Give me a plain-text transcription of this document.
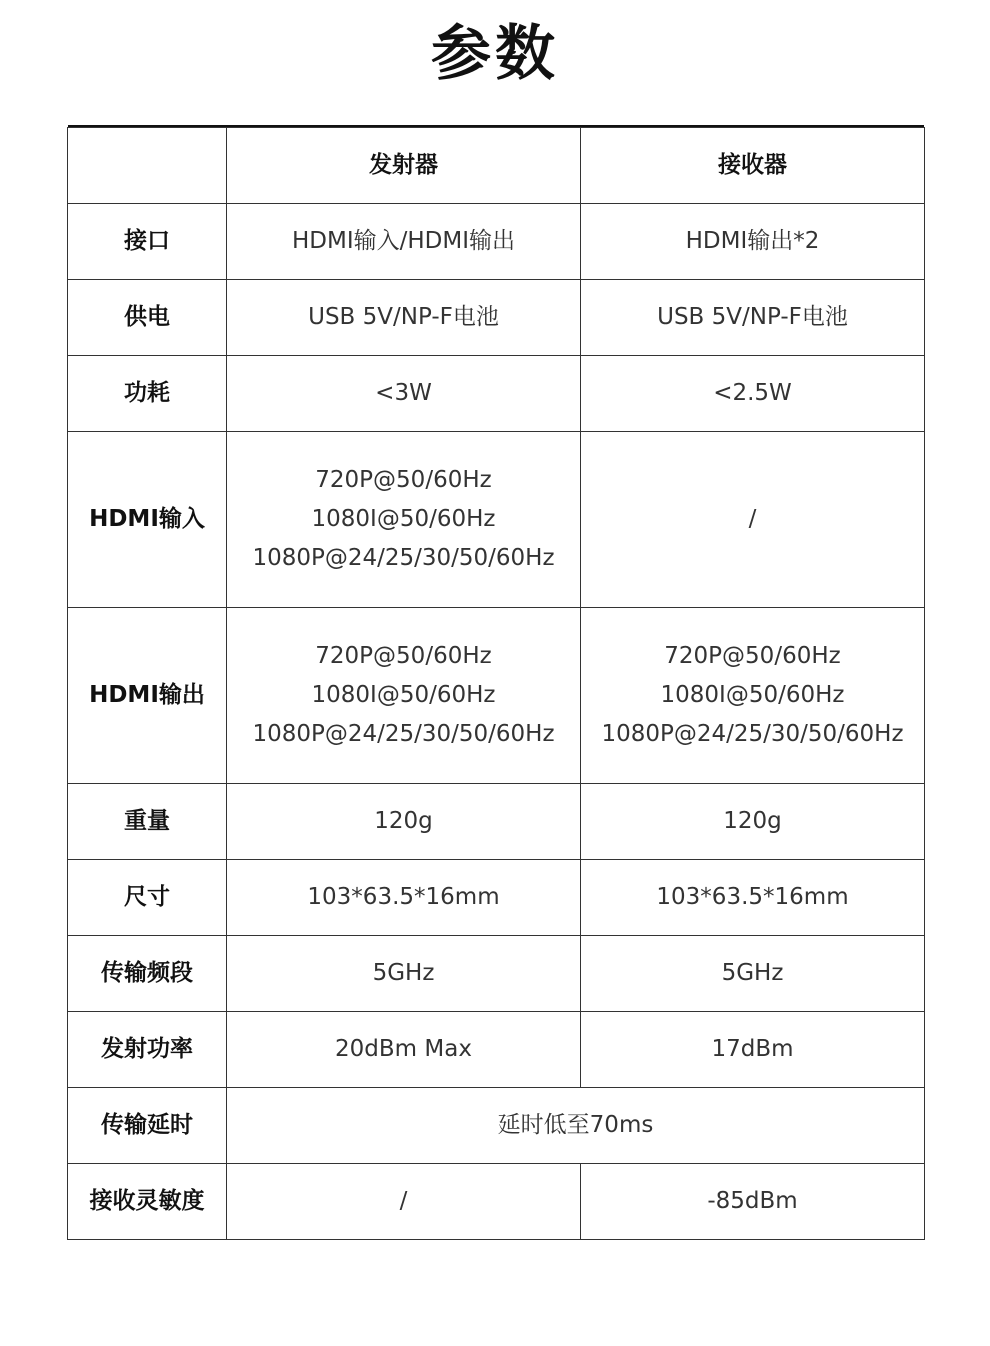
参数
	发射器	接收器
接口	HDMI输入/HDMI输出	HDMI输出*2

供电	USB 5V/NP-F电池	USB 5V/NP-F电池

功耗	<3W	<2.5W

HDMI输入	720P@50/60Hz
1080I@50/60Hz
1080P@24/25/30/50/60Hz	/

HDMI输出	720P@50/60Hz
1080I@50/60Hz
1080P@24/25/30/50/60Hz	720P@50/60Hz
1080I@50/60Hz
1080P@24/25/30/50/60Hz

重量	120g	120g

尺寸	103*63.5*16mm	103*63.5*16mm

传输频段	5GHz	5GHz

发射功率	20dBm Max	17dBm

传输延时	延时低至70ms	
接收灵敏度	/	-85dBm
